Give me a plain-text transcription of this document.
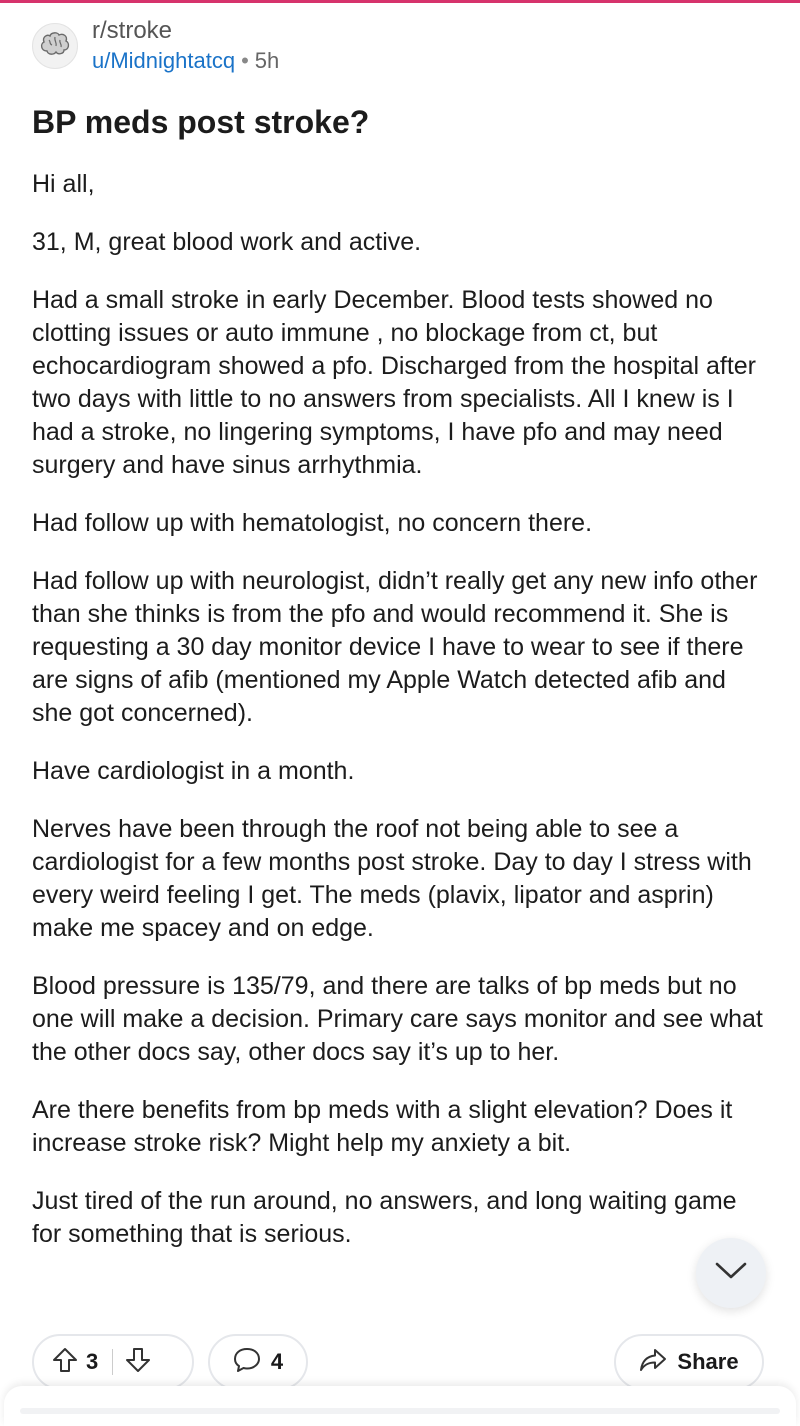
r/stroke
u/Midnightatcq • 5h
BP meds post stroke?

Hi all,

31, M, great blood work and active.

Had a small stroke in early December. Blood tests showed no clotting issues or auto immune , no blockage from ct, but echocardiogram showed a pfo. Discharged from the hospital after two days with little to no answers from specialists. All I knew is I had a stroke, no lingering symptoms, I have pfo and may need surgery and have sinus arrhythmia.

Had follow up with hematologist, no concern there.

Had follow up with neurologist, didn’t really get any new info other than she thinks is from the pfo and would recommend it. She is requesting a 30 day monitor device I have to wear to see if there are signs of afib (mentioned my Apple Watch detected afib and she got concerned).

Have cardiologist in a month.

Nerves have been through the roof not being able to see a cardiologist for a few months post stroke. Day to day I stress with every weird feeling I get. The meds (plavix, lipator and asprin) make me spacey and on edge.

Blood pressure is 135/79, and there are talks of bp meds but no one will make a decision. Primary care says monitor and see what the other docs say, other docs say it’s up to her.

Are there benefits from bp meds with a slight elevation? Does it increase stroke risk? Might help my anxiety a bit.

Just tired of the run around, no answers, and long waiting game for something that is serious.

3	4	Share
